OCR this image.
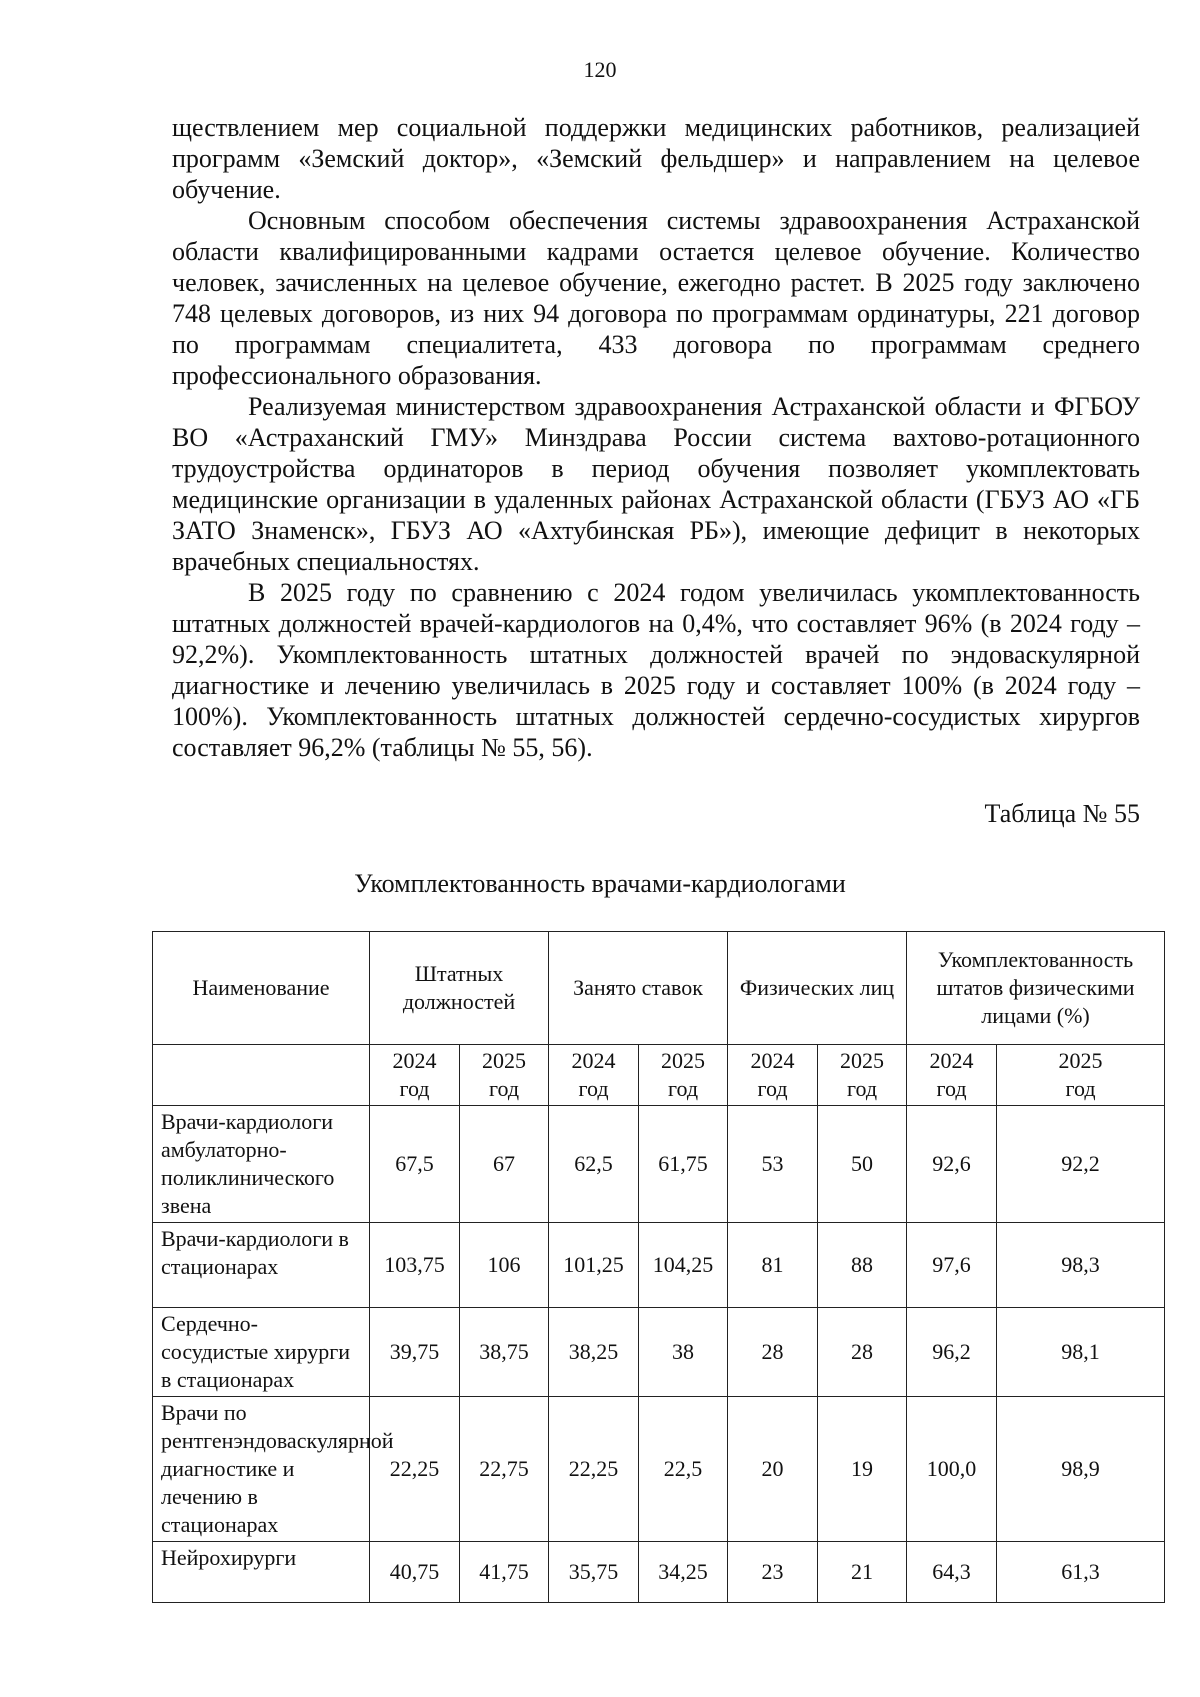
120

ществлением мер социальной поддержки медицинских работников, реализацией программ «Земский доктор», «Земский фельдшер» и направлением на целевое обучение.

Основным способом обеспечения системы здравоохранения Астраханской области квалифицированными кадрами остается целевое обучение. Количество человек, зачисленных на целевое обучение, ежегодно растет. В 2025 году заключено 748 целевых договоров, из них 94 договора по программам ординатуры, 221 договор по программам специалитета, 433 договора по программам среднего профессионального образования.

Реализуемая министерством здравоохранения Астраханской области и ФГБОУ ВО «Астраханский ГМУ» Минздрава России система вахтово-ротационного трудоустройства ординаторов в период обучения позволяет укомплектовать медицинские организации в удаленных районах Астраханской области (ГБУЗ АО «ГБ ЗАТО Знаменск», ГБУЗ АО «Ахтубинская РБ»), имеющие дефицит в некоторых врачебных специальностях.

В 2025 году по сравнению с 2024 годом увеличилась укомплектованность штатных должностей врачей-кардиологов на 0,4%, что составляет 96% (в 2024 году – 92,2%). Укомплектованность штатных должностей врачей по эндоваскулярной диагностике и лечению увеличилась в 2025 году и составляет 100% (в 2024 году – 100%). Укомплектованность штатных должностей сердечно-сосудистых хирургов составляет 96,2% (таблицы № 55, 56).

Таблица № 55
Укомплектованность врачами-кардиологами
Наименование	Штатных должностей		Занято ставок		Физических лиц		Укомплектованность штатов физическими лицами (%)	

	2024
год	2025
год	2024
год	2025
год	2024
год	2025
год	2024
год	2025
год

Врачи-кардиологи амбулаторно-поликлинического звена	67,5	67	62,5	61,75	53	50	92,6	92,2
Врачи-кардиологи в стационарах	103,75	106	101,25	104,25	81	88	97,6	98,3
Сердечно-сосудистые хирурги в стационарах	39,75	38,75	38,25	38	28	28	96,2	98,1
Врачи по рентгенэндоваскулярной диагностике и лечению в стационарах	22,25	22,75	22,25	22,5	20	19	100,0	98,9
Нейрохирурги	40,75	41,75	35,75	34,25	23	21	64,3	61,3
